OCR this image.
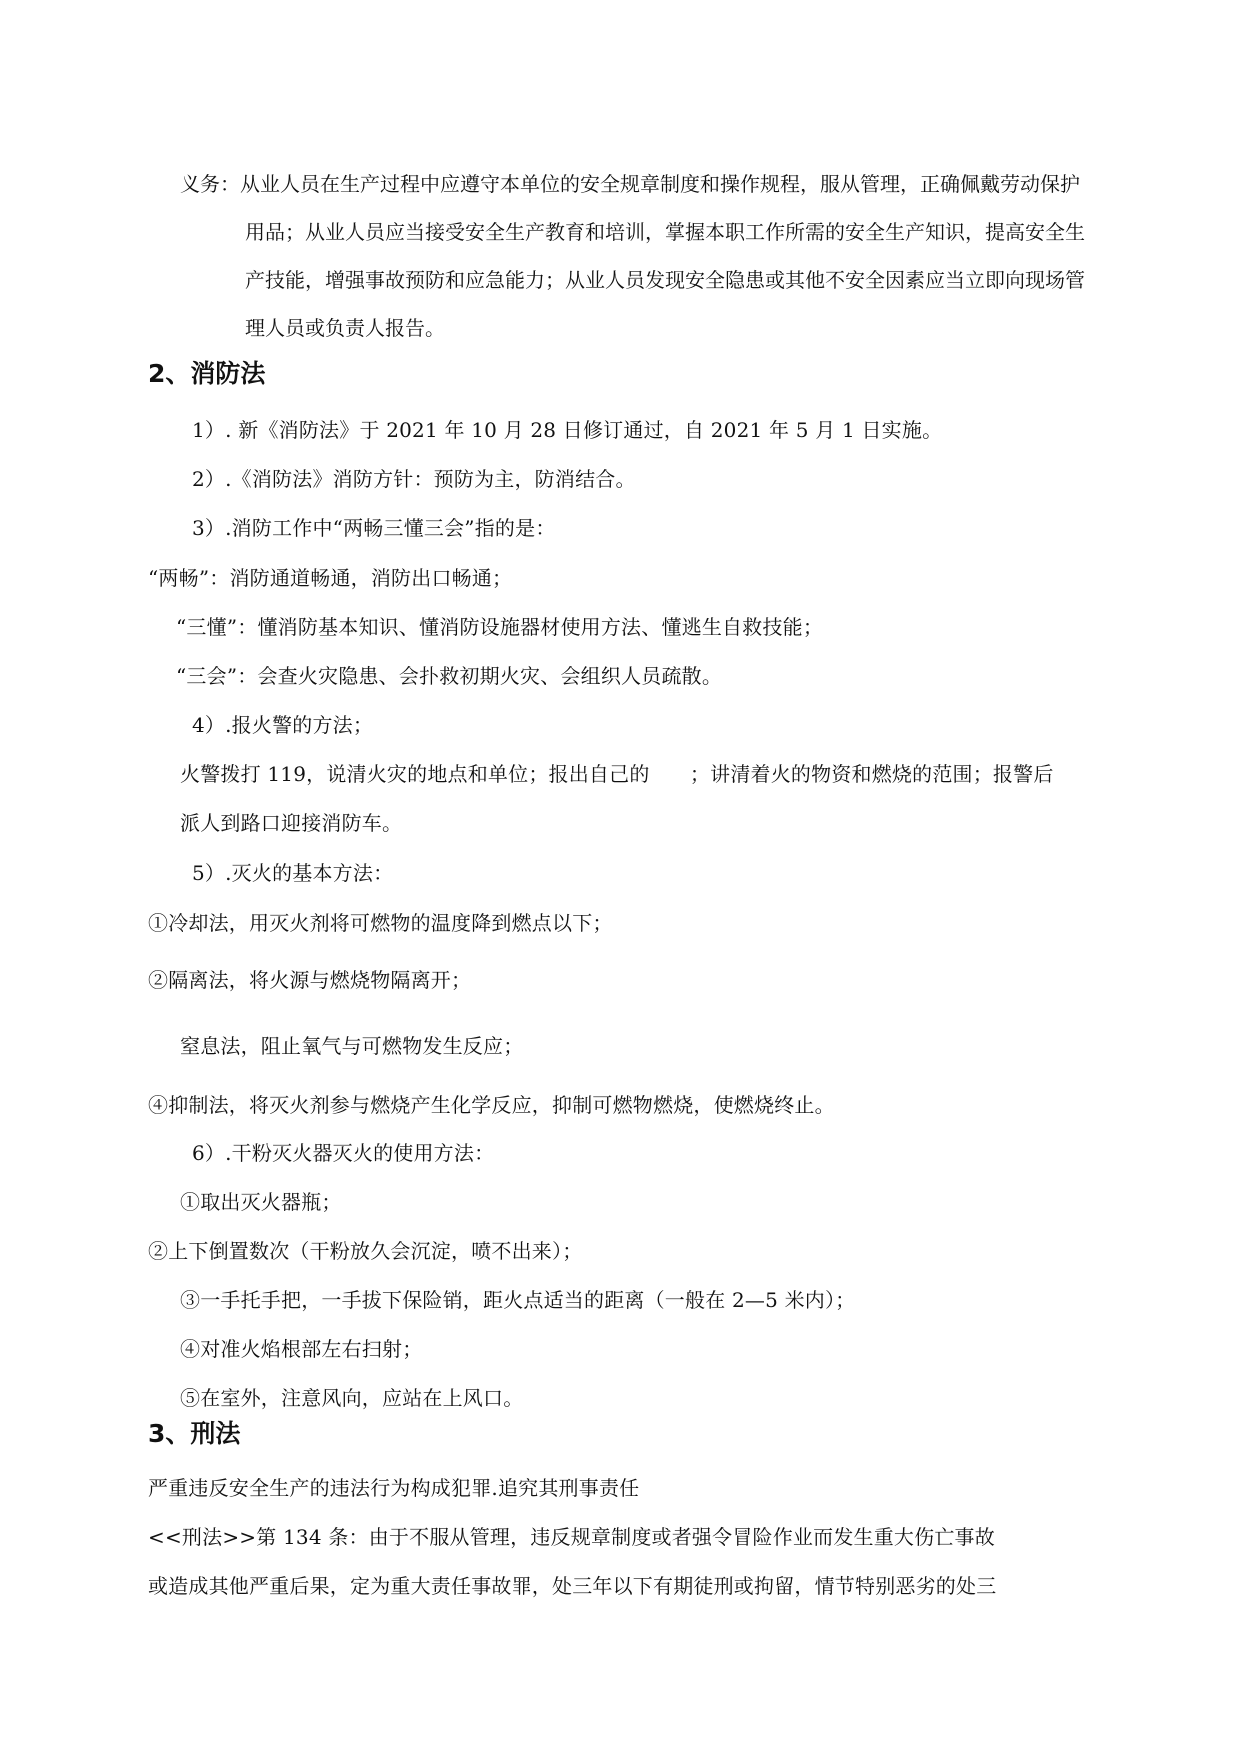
义务：从业人员在生产过程中应遵守本单位的安全规章制度和操作规程，服从管理，正确佩戴劳动保护
用品；从业人员应当接受安全生产教育和培训，掌握本职工作所需的安全生产知识，提高安全生
产技能，增强事故预防和应急能力；从业人员发现安全隐患或其他不安全因素应当立即向现场管
理人员或负责人报告。
2、消防法
1）. 新《消防法》于 2021 年 10 月 28 日修订通过，自 2021 年 5 月 1 日实施。
2）.《消防法》消防方针：预防为主，防消结合。
3）.消防工作中“两畅三懂三会”指的是：
“两畅”：消防通道畅通，消防出口畅通；
“三懂”：懂消防基本知识、懂消防设施器材使用方法、懂逃生自救技能；
“三会”：会查火灾隐患、会扑救初期火灾、会组织人员疏散。
4）.报火警的方法；
火警拨打 119，说清火灾的地点和单位；报出自己的　　；讲清着火的物资和燃烧的范围；报警后
派人到路口迎接消防车。
5）.灭火的基本方法：
①冷却法，用灭火剂将可燃物的温度降到燃点以下；
②隔离法，将火源与燃烧物隔离开；
窒息法，阻止氧气与可燃物发生反应；
④抑制法，将灭火剂参与燃烧产生化学反应，抑制可燃物燃烧，使燃烧终止。
6）.干粉灭火器灭火的使用方法：
①取出灭火器瓶；
②上下倒置数次（干粉放久会沉淀，喷不出来）；
③一手托手把，一手拔下保险销，距火点适当的距离（一般在 2—5 米内）；
④对准火焰根部左右扫射；
⑤在室外，注意风向，应站在上风口。
3、刑法
严重违反安全生产的违法行为构成犯罪.追究其刑事责任
<<刑法>>第 134 条：由于不服从管理，违反规章制度或者强令冒险作业而发生重大伤亡事故
或造成其他严重后果，定为重大责任事故罪，处三年以下有期徒刑或拘留，情节特别恶劣的处三
